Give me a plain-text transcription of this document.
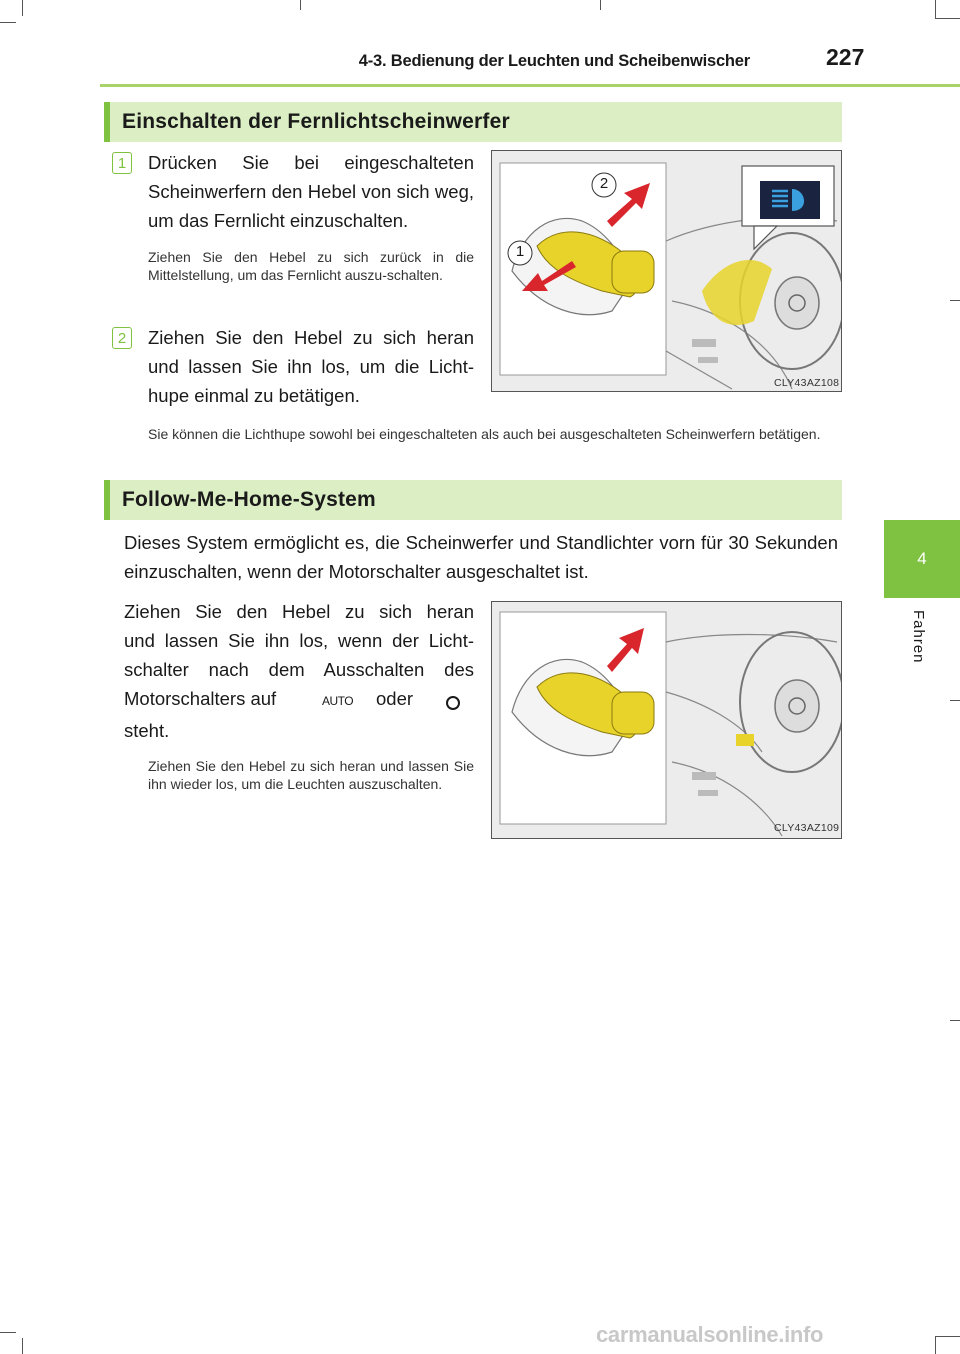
4-3. Bedienung der Leuchten und Scheibenwischer	227
4
Fahren
Einschalten der Fernlichtscheinwerfer
1	Drücken Sie bei eingeschalteten Scheinwerfern den Hebel von sich weg, um das Fernlicht einzuschalten.
Ziehen Sie den Hebel zu sich zurück in die Mittelstellung, um das Fernlicht auszu-schalten.
2	Ziehen Sie den Hebel zu sich heran und lassen Sie ihn los, um die Licht-hupe einmal zu betätigen.
Sie können die Lichthupe sowohl bei eingeschalteten als auch bei ausgeschalteten Scheinwerfern betätigen.
2
1
CLY43AZ108
Follow-Me-Home-System
Dieses System ermöglicht es, die Scheinwerfer und Standlichter vorn für 30 Sekunden einzuschalten, wenn der Motorschalter ausgeschaltet ist.
Ziehen Sie den Hebel zu sich heran
und lassen Sie ihn los, wenn der Licht-
schalter nach dem Ausschalten des
Motorschalters auf	AUTO oder
steht.
Ziehen Sie den Hebel zu sich heran und lassen Sie ihn wieder los, um die Leuchten auszuschalten.
CLY43AZ109
carmanualsonline.info
